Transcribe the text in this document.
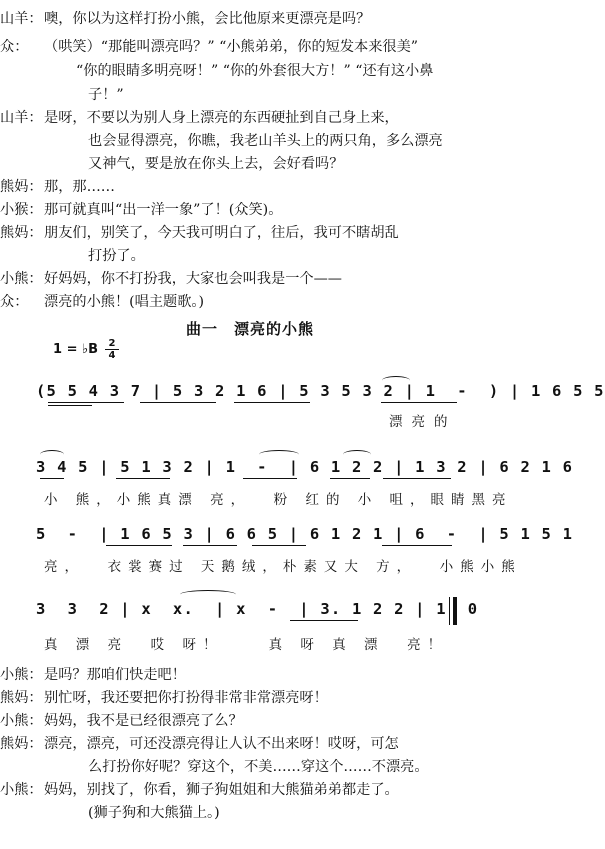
山羊：噢，你以为这样打扮小熊，会比他原来更漂亮是吗？
众： （哄笑）“那能叫漂亮吗？” “小熊弟弟，你的短发本来很美”
“你的眼睛多明亮呀！” “你的外套很大方！” “还有这小鼻
子！”
山羊：是呀，不要以为别人身上漂亮的东西硬扯到自己身上来，
也会显得漂亮，你瞧，我老山羊头上的两只角，多么漂亮
又神气，要是放在你头上去，会好看吗？
熊妈：那，那……
小猴：那可就真叫“出一洋一象”了！(众笑)。
熊妈：朋友们，别笑了，今天我可明白了，往后，我可不瞎胡乱
打扮了。
小熊：好妈妈，你不打扮我，大家也会叫我是一个——
众： 漂亮的小熊！(唱主题歌。)
曲一　漂亮的小熊
1 = ♭B	2
4
(5 5 4 3 7 | 5 3 2 1 6 | 5 3 5 3 2 | 1  -  ) | 1 6 5 5
漂亮的
3 4 5 | 5 1 3 2 | 1  -  | 6 1 2 2 | 1 3 2 | 6 2 1 6
小 熊，小熊真漂 亮，  粉 红的 小 咀，眼睛黑亮
5  -  | 1 6 5 3 | 6 6 5 | 6 1 2 1 | 6  -  | 5 1 5 1
亮，  衣裳赛过 天鹅绒，朴素又大 方，  小熊小熊
3  3  2 | x  x.  | x  -  | 3. 1 2 2 | 1  0
真 漂 亮  哎 呀！    真 呀 真 漂  亮！
小熊：是吗？那咱们快走吧！
熊妈：别忙呀，我还要把你打扮得非常非常漂亮呀！
小熊：妈妈，我不是已经很漂亮了么？
熊妈：漂亮，漂亮，可还没漂亮得让人认不出来呀！哎呀，可怎
么打扮你好呢？穿这个，不美……穿这个……不漂亮。
小熊：妈妈，别找了，你看，狮子狗姐姐和大熊猫弟弟都走了。
(狮子狗和大熊猫上。)
